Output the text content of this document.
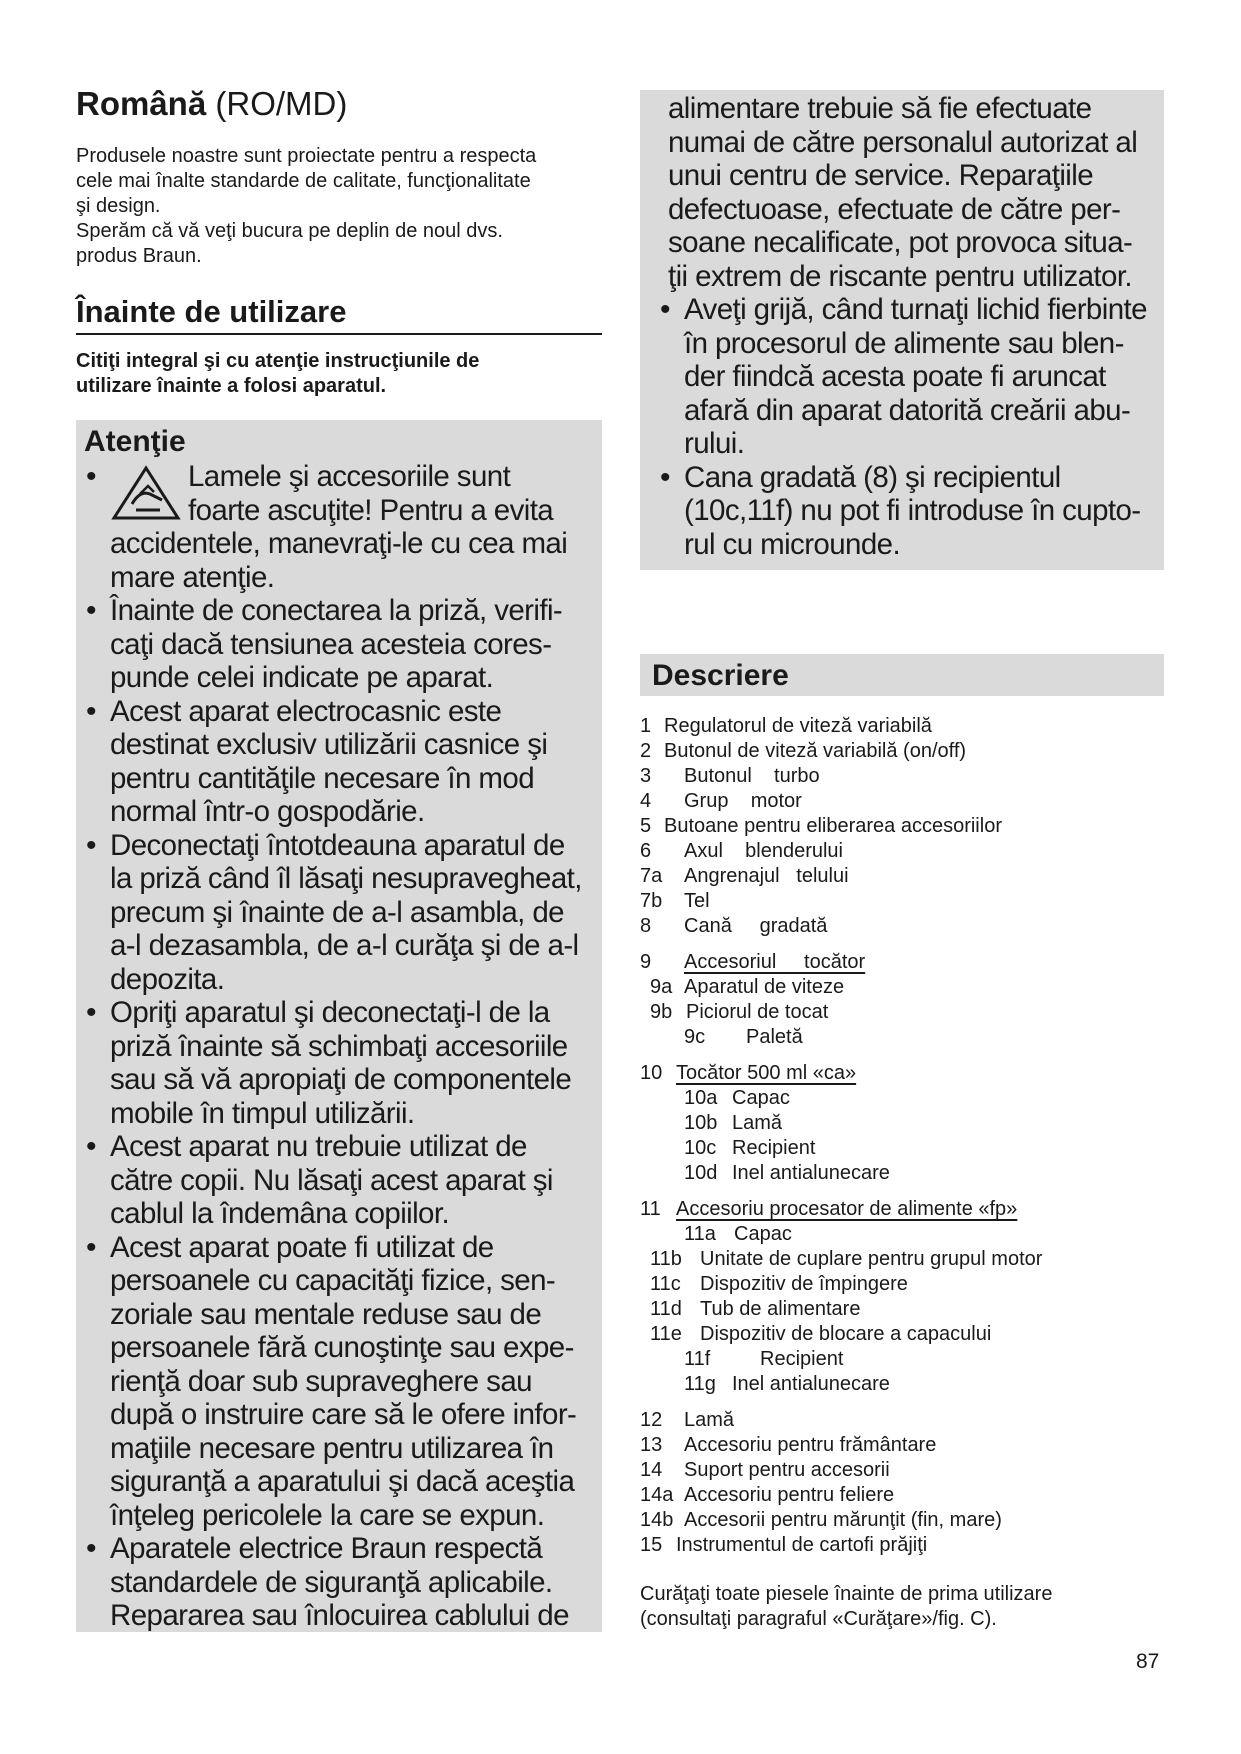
Română (RO/MD)

Produsele noastre sunt proiectate pentru a respecta

cele mai înalte standarde de calitate, funcţionalitate

şi design.

Sperăm că vă veţi bucura pe deplin de noul dvs.

produs Braun.

Înainte de utilizare
Citiţi integral şi cu atenţie instrucţiunile de
utilizare înainte a folosi aparatul.
Atenţie
• Lamele şi accesoriile sunt
foarte ascuţite! Pentru a evita
accidentele, manevraţi-le cu cea mai
mare atenţie.
• Înainte de conectarea la priză, verifi-
caţi dacă tensiunea acesteia cores-
punde celei indicate pe aparat.
• Acest aparat electrocasnic este
destinat exclusiv utilizării casnice şi
pentru cantităţile necesare în mod
normal într-o gospodărie.
• Deconectaţi întotdeauna aparatul de
la priză când îl lăsaţi nesupravegheat,
precum şi înainte de a-l asambla, de
a-l dezasambla, de a-l curăţa şi de a-l
depozita.
• Opriţi aparatul şi deconectaţi-l de la
priză înainte să schimbaţi accesoriile
sau să vă apropiaţi de componentele
mobile în timpul utilizării.
• Acest aparat nu trebuie utilizat de
către copii. Nu lăsaţi acest aparat şi
cablul la îndemâna copiilor.
• Acest aparat poate fi utilizat de
persoanele cu capacităţi fizice, sen-
zoriale sau mentale reduse sau de
persoanele fără cunoştinţe sau expe-
rienţă doar sub supraveghere sau
după o instruire care să le ofere infor-
maţiile necesare pentru utilizarea în
siguranţă a aparatului şi dacă aceştia
înţeleg pericolele la care se expun.
• Aparatele electrice Braun respectă
standardele de siguranţă aplicabile.
Repararea sau înlocuirea cablului de
alimentare trebuie să fie efectuate
numai de către personalul autorizat al
unui centru de service. Reparaţiile
defectuoase, efectuate de către per-
soane necalificate, pot provoca situa-
ţii extrem de riscante pentru utilizator.
• Aveţi grijă, când turnaţi lichid fierbinte
în procesorul de alimente sau blen-
der fiindcă acesta poate fi aruncat
afară din aparat datorită creării abu-
rului.
• Cana gradată (8) şi recipientul
(10c,11f) nu pot fi introduse în cupto-
rul cu microunde.
Descriere
1 Regulatorul de viteză variabilă
2 Butonul de viteză variabilă (on/off)
3	Butonul    turbo
4	Grup    motor
5 Butoane pentru eliberarea accesoriilor
6	Axul    blenderului
7a	Angrenajul   telului
7b	Tel
8	Cană     gradată
9	Accesoriul     tocător
9a Aparatul de viteze
9b Piciorul de tocat
9c	Paletă
10 Tocător 500 ml «ca»
10a Capac
10b Lamă
10c Recipient
10d Inel antialunecare
11 Accesoriu procesator de alimente «fp»
11a Capac
11b Unitate de cuplare pentru grupul motor
11c Dispozitiv de împingere
11d Tub de alimentare
11e Dispozitiv de blocare a capacului
11f	Recipient
11g Inel antialunecare
12	Lamă
13	Accesoriu pentru frământare
14	Suport pentru accesorii
14a Accesoriu pentru feliere
14b Accesorii pentru mărunţit (fin, mare)
15 Instrumentul de cartofi prăjiţi
Curăţaţi toate piesele înainte de prima utilizare
(consultaţi paragraful «Curăţare»/fig. C).
87
